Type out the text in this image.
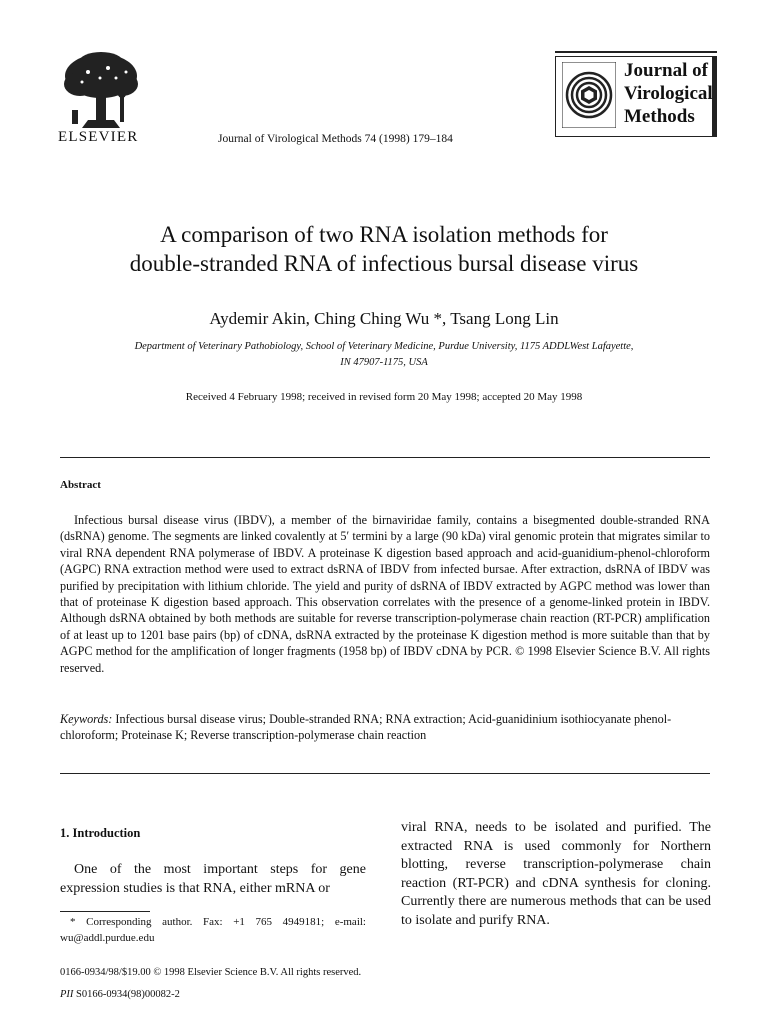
ELSEVIER	Journal of Virological Methods 74 (1998) 179–184
Journal of
Virological
Methods
A comparison of two RNA isolation methods for
double-stranded RNA of infectious bursal disease virus
Aydemir Akin, Ching Ching Wu *, Tsang Long Lin
Department of Veterinary Pathobiology, School of Veterinary Medicine, Purdue University, 1175 ADDLWest Lafayette,
IN 47907-1175, USA
Received 4 February 1998; received in revised form 20 May 1998; accepted 20 May 1998
Abstract
Infectious bursal disease virus (IBDV), a member of the birnaviridae family, contains a bisegmented double-stranded RNA (dsRNA) genome. The segments are linked covalently at 5′ termini by a large (90 kDa) viral genomic protein that migrates similar to viral RNA dependent RNA polymerase of IBDV. A proteinase K digestion based approach and acid-guanidium-phenol-chloroform (AGPC) RNA extraction method were used to extract dsRNA of IBDV from infected bursae. After extraction, dsRNA of IBDV was purified by precipitation with lithium chloride. The yield and purity of dsRNA of IBDV extracted by AGPC method was lower than that of proteinase K digestion based approach. This observation correlates with the presence of a genome-linked protein in IBDV. Although dsRNA obtained by both methods are suitable for reverse transcription-polymerase chain reaction (RT-PCR) amplification of at least up to 1201 base pairs (bp) of cDNA, dsRNA extracted by the proteinase K digestion method is more suitable than that by AGPC method for the amplification of longer fragments (1958 bp) of IBDV cDNA by PCR. © 1998 Elsevier Science B.V. All rights reserved.
Keywords: Infectious bursal disease virus; Double-stranded RNA; RNA extraction; Acid-guanidinium isothiocyanate phenol-chloroform; Proteinase K; Reverse transcription-polymerase chain reaction
1. Introduction
One of the most important steps for gene expression studies is that RNA, either mRNA or
* Corresponding author. Fax: +1 765 4949181; e-mail: wu@addl.purdue.edu
viral RNA, needs to be isolated and purified. The extracted RNA is used commonly for Northern blotting, reverse transcription-polymerase chain reaction (RT-PCR) and cDNA synthesis for cloning. Currently there are numerous methods that can be used to isolate and purify RNA.
0166-0934/98/$19.00 © 1998 Elsevier Science B.V. All rights reserved.
PII S0166-0934(98)00082-2
